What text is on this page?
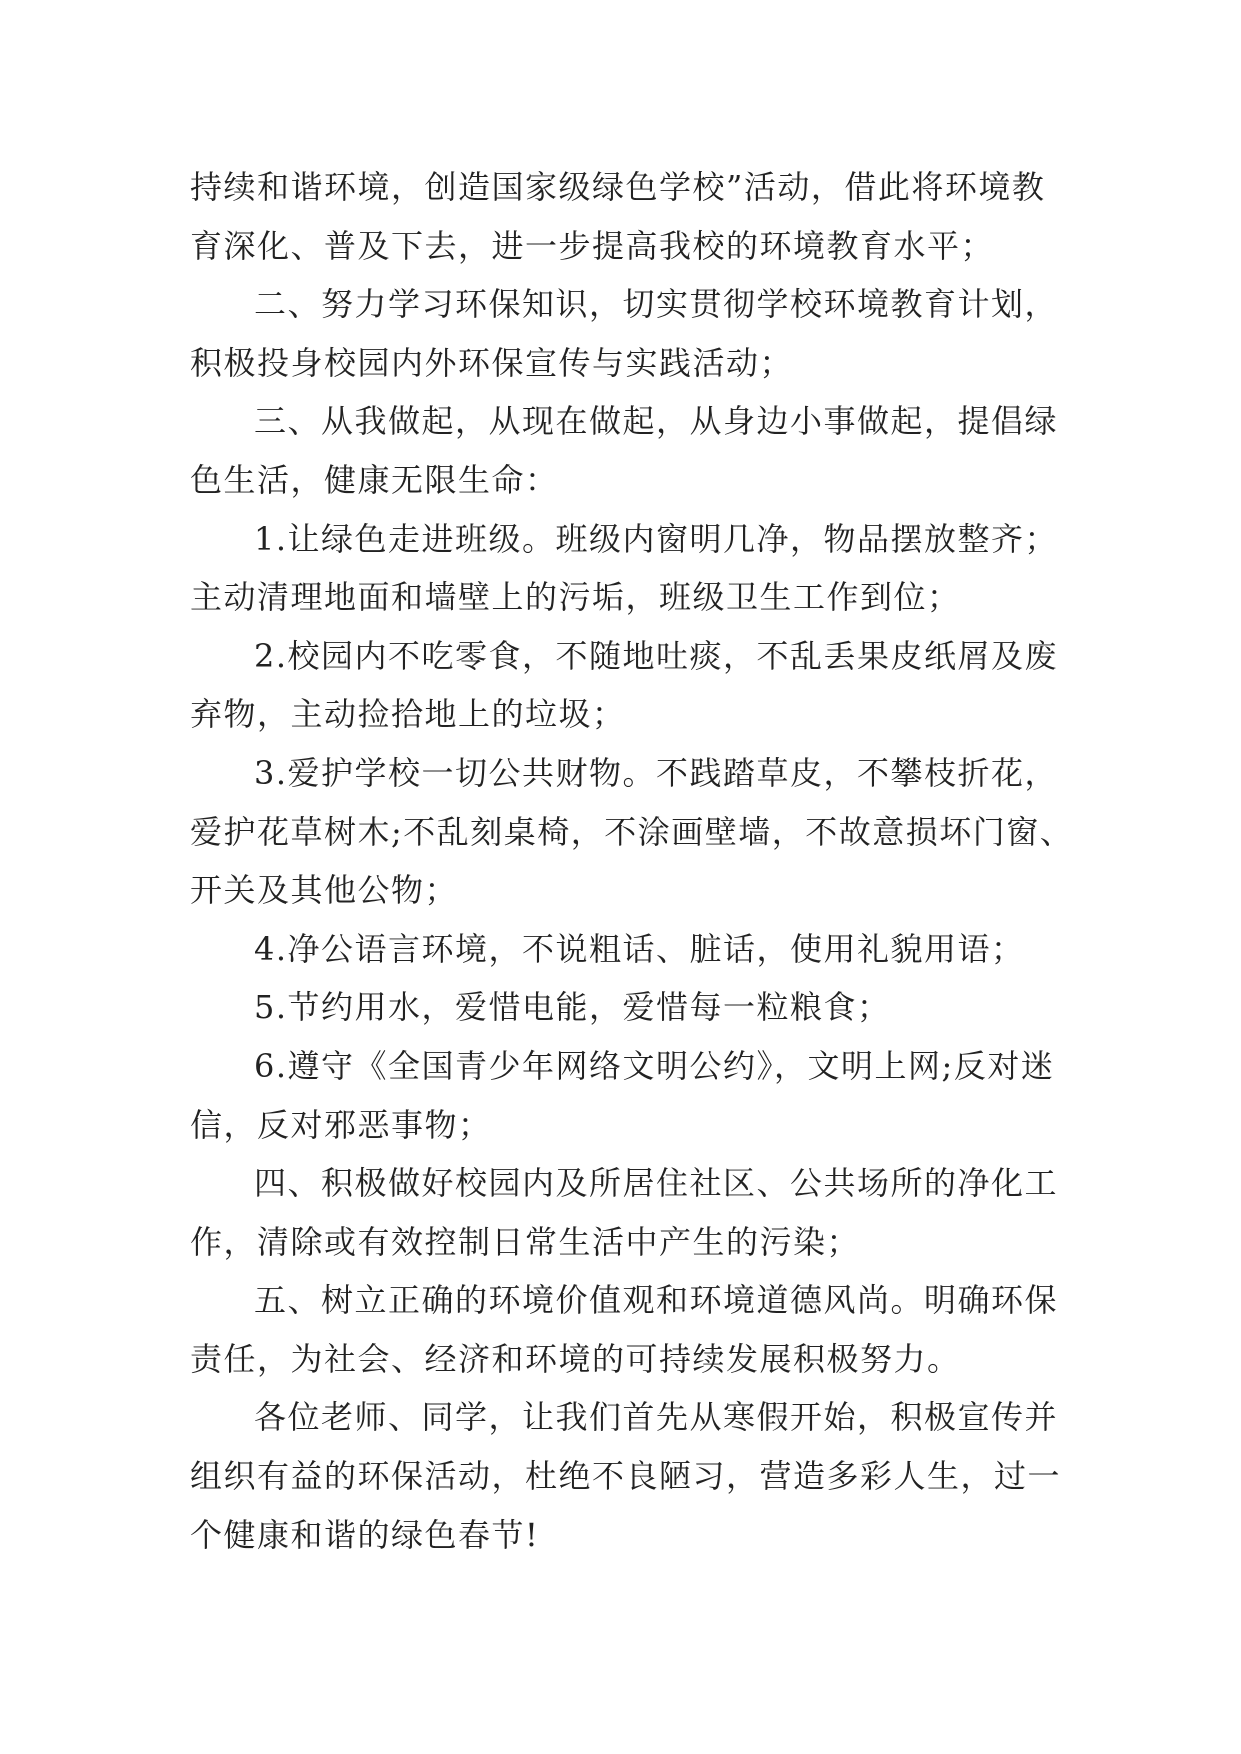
持续和谐环境，创造国家级绿色学校”活动，借此将环境教
育深化、普及下去，进一步提高我校的环境教育水平；
二、努力学习环保知识，切实贯彻学校环境教育计划，
积极投身校园内外环保宣传与实践活动；
三、从我做起，从现在做起，从身边小事做起，提倡绿
色生活，健康无限生命：
1.让绿色走进班级。班级内窗明几净，物品摆放整齐；
主动清理地面和墙壁上的污垢，班级卫生工作到位；
2.校园内不吃零食，不随地吐痰，不乱丢果皮纸屑及废
弃物，主动捡拾地上的垃圾；
3.爱护学校一切公共财物。不践踏草皮，不攀枝折花，
爱护花草树木;不乱刻桌椅，不涂画壁墙，不故意损坏门窗、
开关及其他公物；
4.净公语言环境，不说粗话、脏话，使用礼貌用语；
5.节约用水，爱惜电能，爱惜每一粒粮食；
6.遵守《全国青少年网络文明公约》，文明上网;反对迷
信，反对邪恶事物；
四、积极做好校园内及所居住社区、公共场所的净化工
作，清除或有效控制日常生活中产生的污染；
五、树立正确的环境价值观和环境道德风尚。明确环保
责任，为社会、经济和环境的可持续发展积极努力。
各位老师、同学，让我们首先从寒假开始，积极宣传并
组织有益的环保活动，杜绝不良陋习，营造多彩人生，过一
个健康和谐的绿色春节!
